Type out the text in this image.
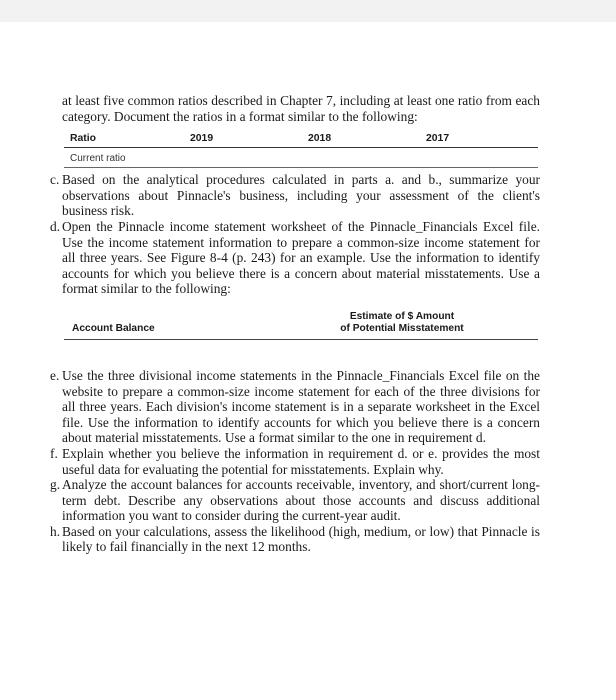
at least five common ratios described in Chapter 7, including at least one ratio from each category. Document the ratios in a format similar to the following:

Ratio	2019	2018	2017
Current ratio
c. Based on the analytical procedures calculated in parts a. and b., summarize your observations about Pinnacle's business, including your assessment of the client's business risk.
d. Open the Pinnacle income statement worksheet of the Pinnacle_Financials Excel file. Use the income statement information to prepare a common-size income statement for all three years. See Figure 8-4 (p. 243) for an example. Use the information to identify accounts for which you believe there is a concern about material misstatements. Use a format similar to the following:
Account Balance
Estimate of $ Amount
of Potential Misstatement
e. Use the three divisional income statements in the Pinnacle_Financials Excel file on the website to prepare a common-size income statement for each of the three divisions for all three years. Each division's income statement is in a separate worksheet in the Excel file. Use the information to identify accounts for which you believe there is a concern about material misstatements. Use a format similar to the one in requirement d.
f. Explain whether you believe the information in requirement d. or e. provides the most useful data for evaluating the potential for misstatements. Explain why.
g. Analyze the account balances for accounts receivable, inventory, and short/current long-term debt. Describe any observations about those accounts and discuss additional information you want to consider during the current-year audit.
h. Based on your calculations, assess the likelihood (high, medium, or low) that Pinnacle is likely to fail financially in the next 12 months.
